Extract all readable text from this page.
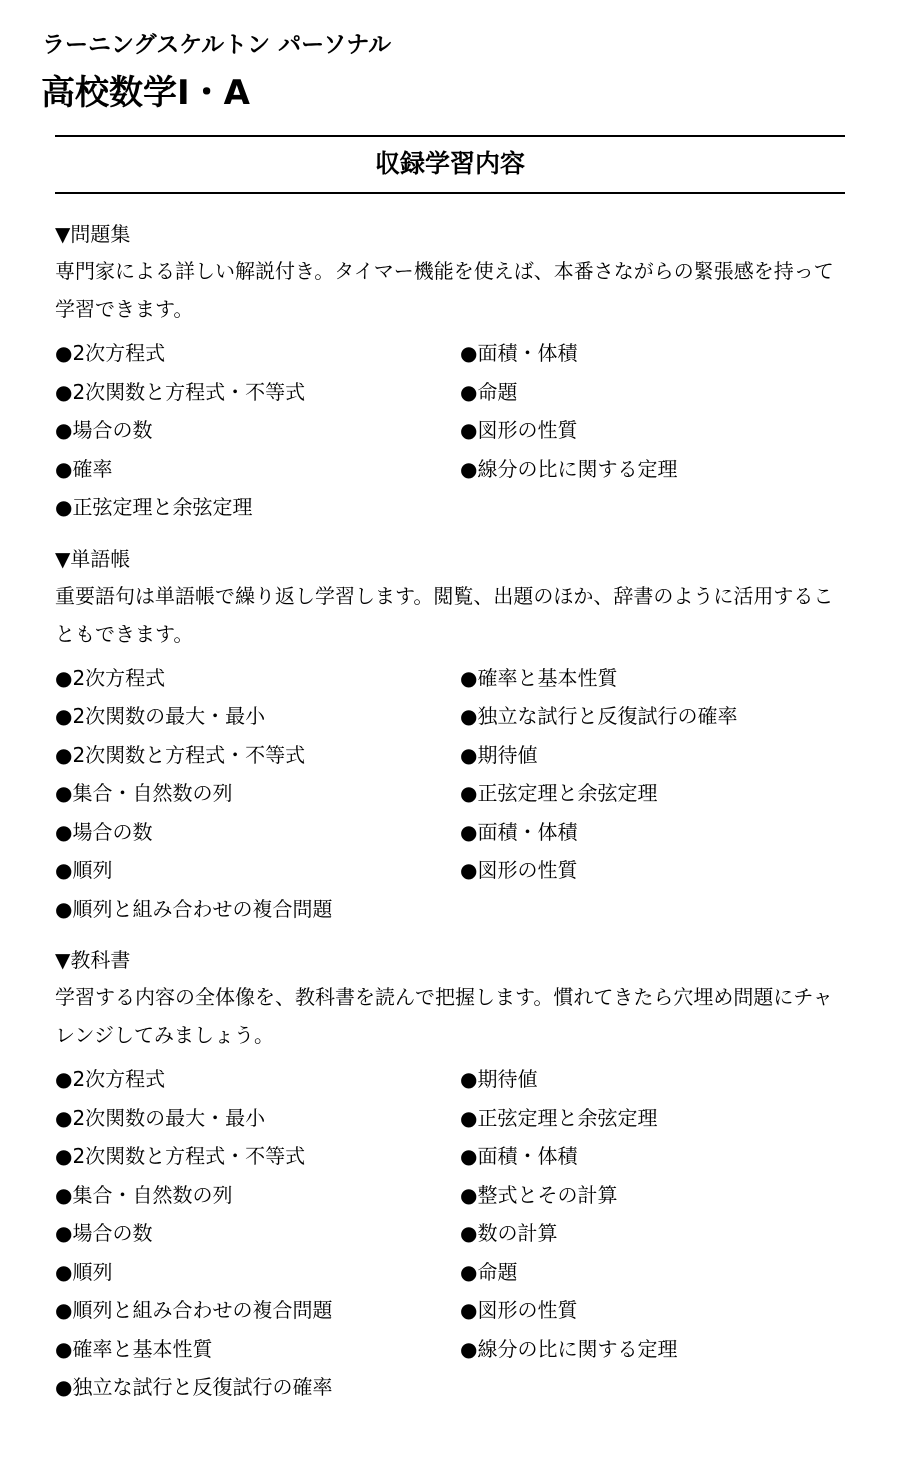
ラーニングスケルトン パーソナル
高校数学Ⅰ・A
収録学習内容
▼問題集

専門家による詳しい解説付き。タイマー機能を使えば、本番さながらの緊張感を持って学習できます。

●2次方程式	●面積・体積
●2次関数と方程式・不等式	●命題
●場合の数	●図形の性質
●確率	●線分の比に関する定理
●正弦定理と余弦定理
▼単語帳

重要語句は単語帳で繰り返し学習します。閲覧、出題のほか、辞書のように活用することもできます。

●2次方程式	●確率と基本性質
●2次関数の最大・最小	●独立な試行と反復試行の確率
●2次関数と方程式・不等式	●期待値
●集合・自然数の列	●正弦定理と余弦定理
●場合の数	●面積・体積
●順列	●図形の性質
●順列と組み合わせの複合問題
▼教科書

学習する内容の全体像を、教科書を読んで把握します。慣れてきたら穴埋め問題にチャレンジしてみましょう。

●2次方程式	●期待値
●2次関数の最大・最小	●正弦定理と余弦定理
●2次関数と方程式・不等式	●面積・体積
●集合・自然数の列	●整式とその計算
●場合の数	●数の計算
●順列	●命題
●順列と組み合わせの複合問題	●図形の性質
●確率と基本性質	●線分の比に関する定理
●独立な試行と反復試行の確率
